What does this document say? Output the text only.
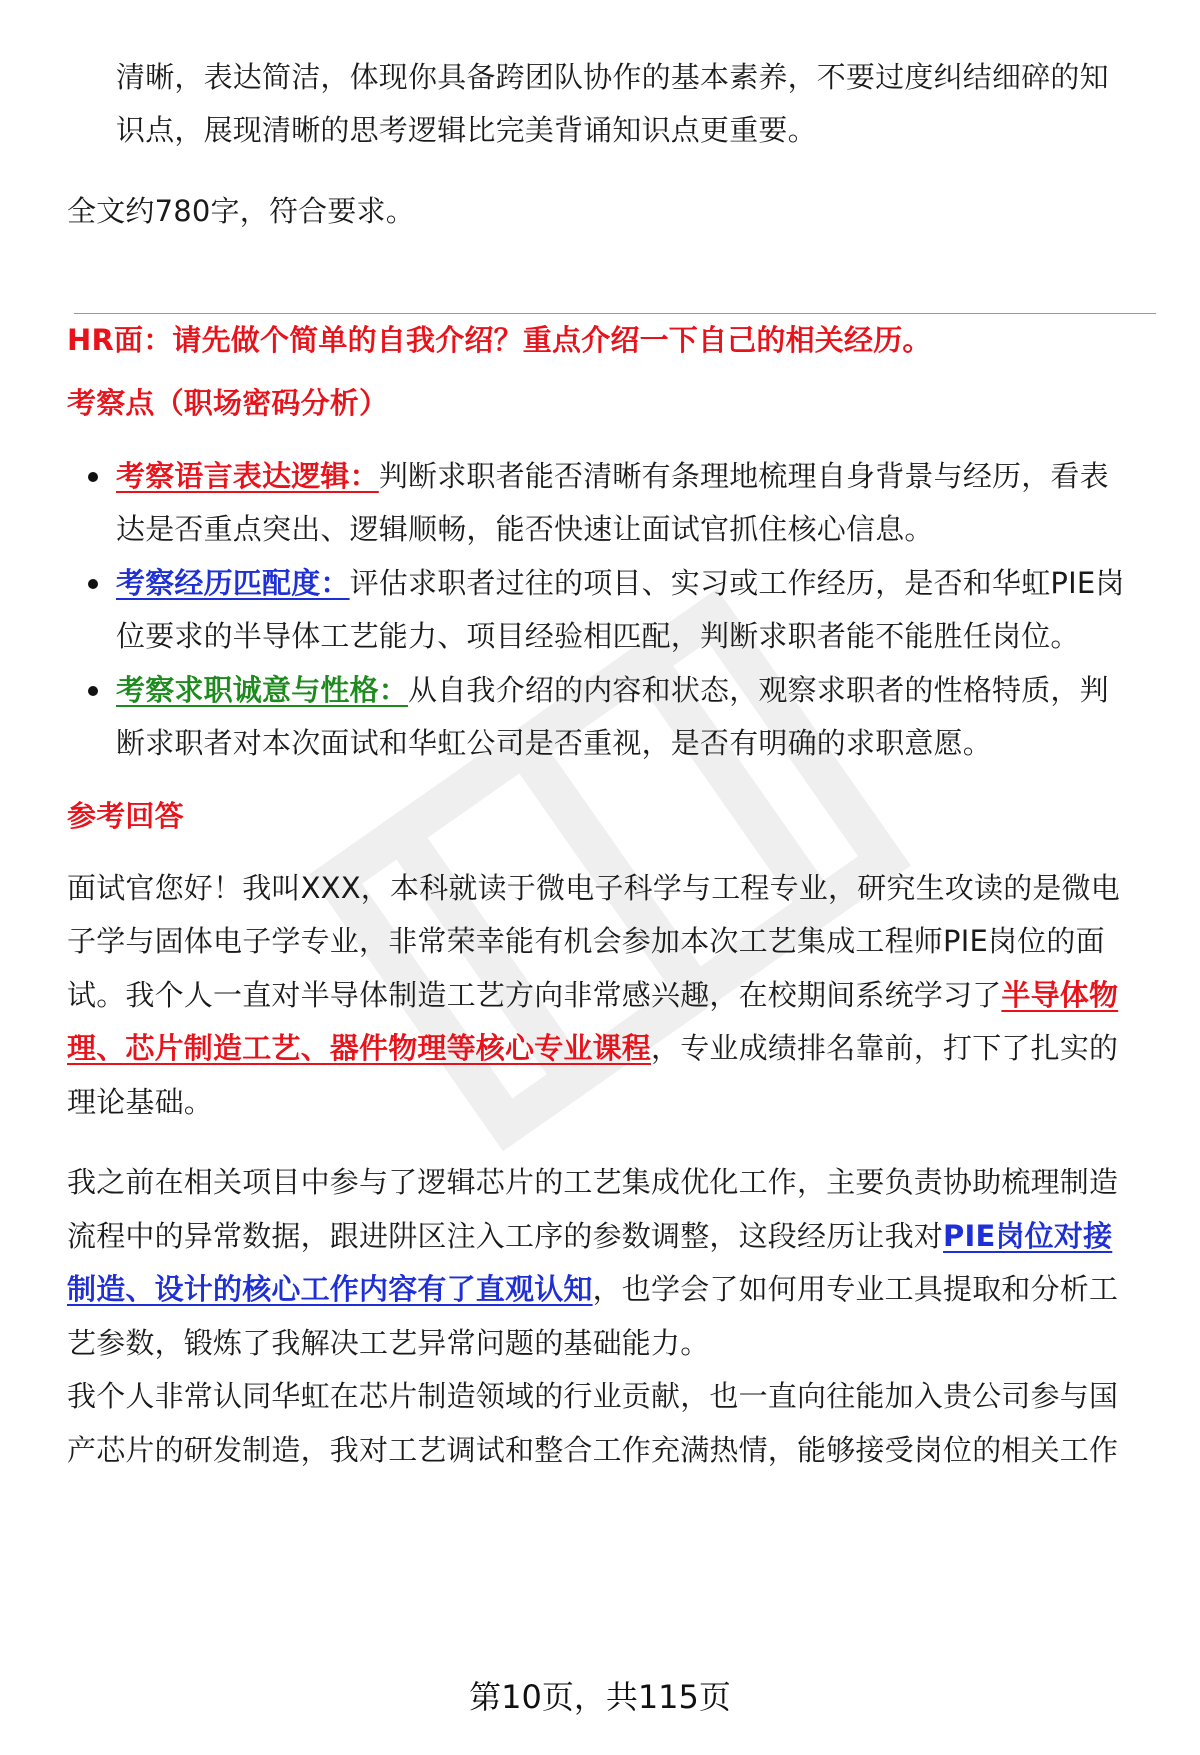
清晰，表达简洁，体现你具备跨团队协作的基本素养，不要过度纠结细碎的知
识点，展现清晰的思考逻辑比完美背诵知识点更重要。
全文约780字，符合要求。
HR面：请先做个简单的自我介绍？重点介绍一下自己的相关经历。
考察点（职场密码分析）
考察语言表达逻辑：判断求职者能否清晰有条理地梳理自身背景与经历，看表
达是否重点突出、逻辑顺畅，能否快速让面试官抓住核心信息。
考察经历匹配度：评估求职者过往的项目、实习或工作经历，是否和华虹PIE岗
位要求的半导体工艺能力、项目经验相匹配，判断求职者能不能胜任岗位。
考察求职诚意与性格：从自我介绍的内容和状态，观察求职者的性格特质，判
断求职者对本次面试和华虹公司是否重视，是否有明确的求职意愿。
参考回答
面试官您好！我叫XXX，本科就读于微电子科学与工程专业，研究生攻读的是微电
子学与固体电子学专业，非常荣幸能有机会参加本次工艺集成工程师PIE岗位的面
试。我个人一直对半导体制造工艺方向非常感兴趣，在校期间系统学习了半导体物
理、芯片制造工艺、器件物理等核心专业课程，专业成绩排名靠前，打下了扎实的
理论基础。
我之前在相关项目中参与了逻辑芯片的工艺集成优化工作，主要负责协助梳理制造
流程中的异常数据，跟进阱区注入工序的参数调整，这段经历让我对PIE岗位对接
制造、设计的核心工作内容有了直观认知，也学会了如何用专业工具提取和分析工
艺参数，锻炼了我解决工艺异常问题的基础能力。
我个人非常认同华虹在芯片制造领域的行业贡献，也一直向往能加入贵公司参与国
产芯片的研发制造，我对工艺调试和整合工作充满热情，能够接受岗位的相关工作
第10页，共115页
